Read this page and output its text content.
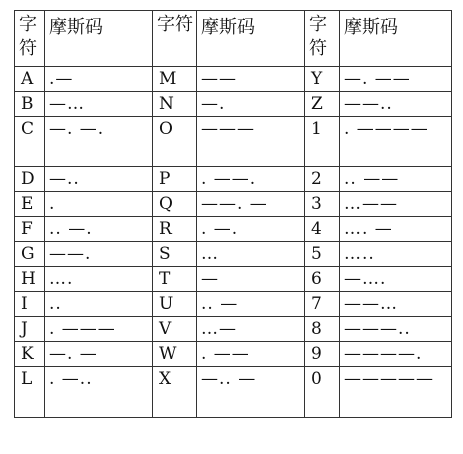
字符	摩斯码	字符	摩斯码	字符	摩斯码
A	.—	M	——	Y	—. ——
B	—…	N	—.	Z	——..
C	—. —.	O	———	1	. ————
D	—..	P	. ——.	2	.. ——
E	.	Q	——. —	3	…——
F	.. —.	R	. —.	4	…. —
G	——.	S	…	5	…..
H	….	T	—	6	—….
I	..	U	.. —	7	——…
J	. ———	V	…—	8	———..
K	—. —	W	. ——	9	————.
L	. —..	X	—.. —	0	—————
